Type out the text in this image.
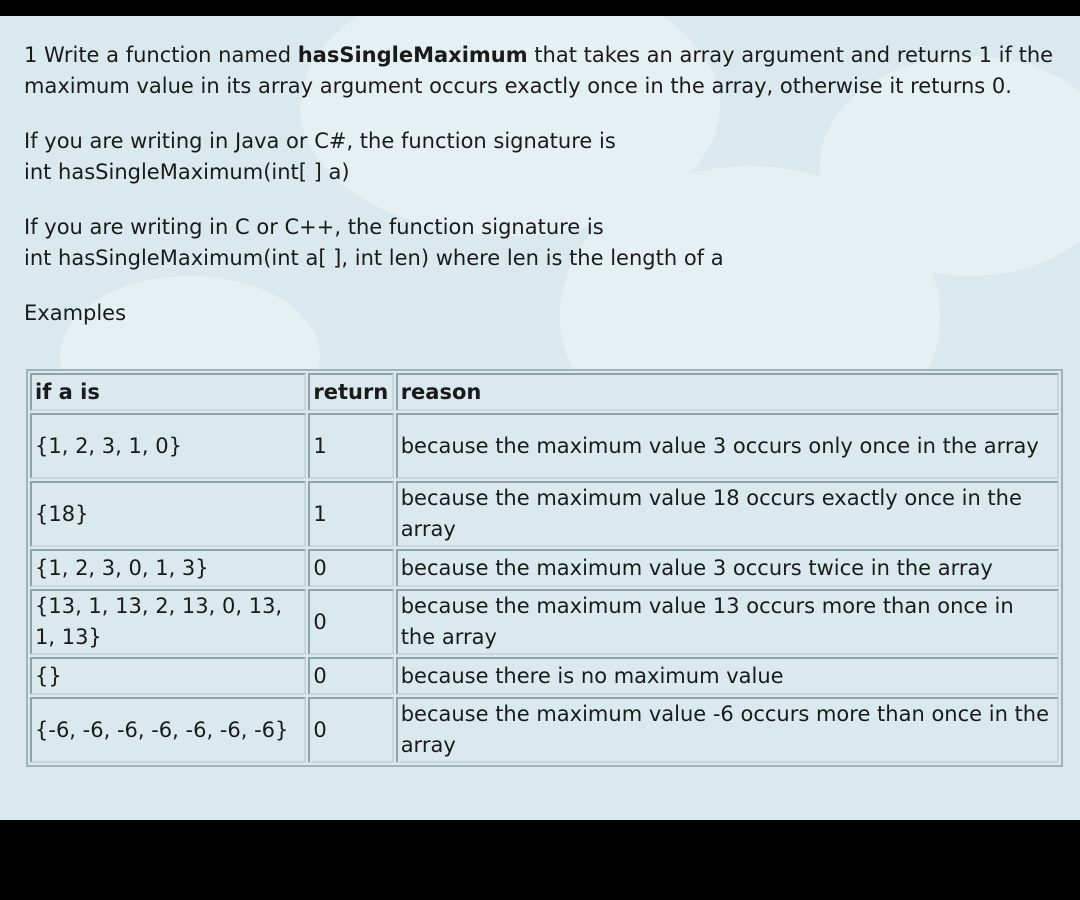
1 Write a function named hasSingleMaximum that takes an array argument and returns 1 if the maximum value in its array argument occurs exactly once in the array, otherwise it returns 0.

If you are writing in Java or C#, the function signature is
int hasSingleMaximum(int[ ] a)

If you are writing in C or C++, the function signature is
int hasSingleMaximum(int a[ ], int len) where len is the length of a

Examples

if a is	return	reason
{1, 2, 3, 1, 0}	1	because the maximum value 3 occurs only once in the array
{18}	1	because the maximum value 18 occurs exactly once in the array
{1, 2, 3, 0, 1, 3}	0	because the maximum value 3 occurs twice in the array
{13, 1, 13, 2, 13, 0, 13, 1, 13}	0	because the maximum value 13 occurs more than once in the array
{}	0	because there is no maximum value
{-6, -6, -6, -6, -6, -6, -6}	0	because the maximum value -6 occurs more than once in the array
